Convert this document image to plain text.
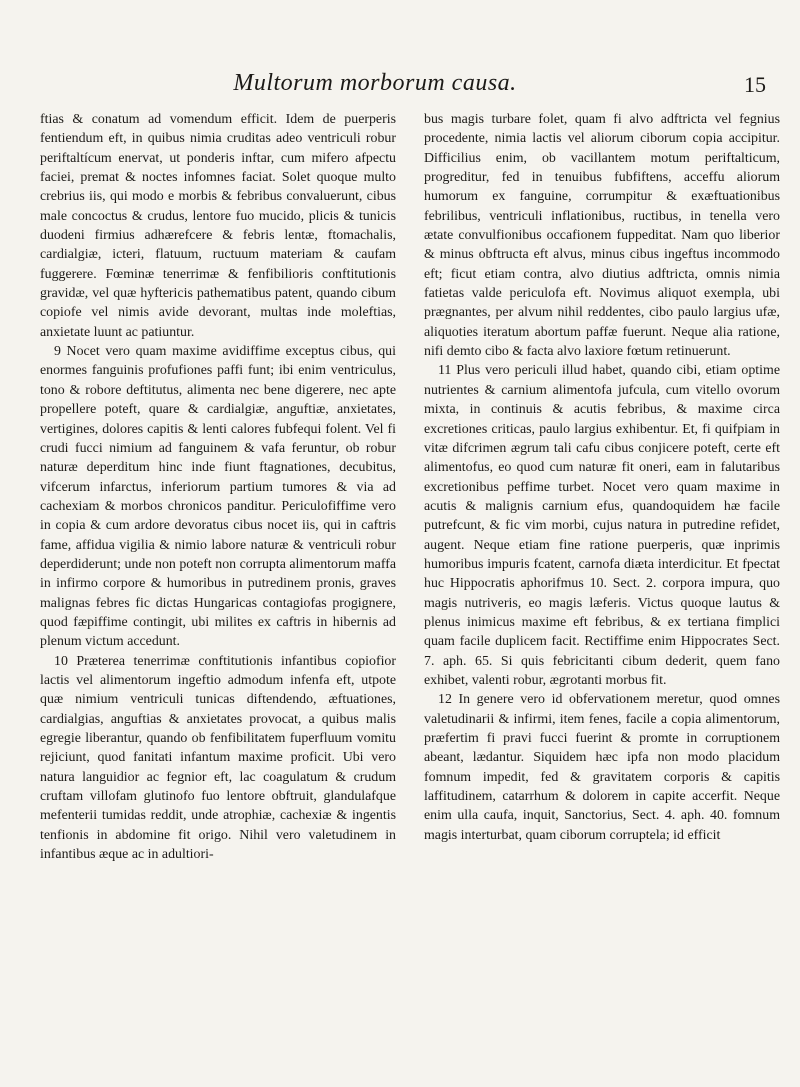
Multorum morborum causa.	15

ftias & conatum ad vomendum efficit. Idem de puerperis fentiendum eft, in quibus nimia cruditas adeo ventriculi robur periftaltícum enervat, ut ponderis inftar, cum mifero afpectu faciei, premat & noctes infomnes faciat. Solet quoque multo crebrius iis, qui modo e morbis & febribus convaluerunt, cibus male concoctus & crudus, lentore fuo mucido, plicis & tunicis duodeni firmius adhærefcere & febris lentæ, ftomachalis, cardialgiæ, icteri, flatuum, ructuum materiam & caufam fuggerere. Fœminæ tenerrimæ & fenfibilioris conftitutionis gravidæ, vel quæ hyftericis pathematibus patent, quando cibum copiofe vel nimis avide devorant, multas inde moleftias, anxietate luunt ac patiuntur.

9 Nocet vero quam maxime avidiffime exceptus cibus, qui enormes fanguinis profufiones paffi funt; ibi enim ventriculus, tono & robore deftitutus, alimenta nec bene digerere, nec apte propellere poteft, quare & cardialgiæ, anguftiæ, anxietates, vertigines, dolores capitis & lenti calores fubfequi folent. Vel fi crudi fucci nimium ad fanguinem & vafa feruntur, ob robur naturæ deperditum hinc inde fiunt ftagnationes, decubitus, vifcerum infarctus, inferiorum partium tumores & via ad cachexiam & morbos chronicos panditur. Periculofiffime vero in copia & cum ardore devoratus cibus nocet iis, qui in caftris fame, affidua vigilia & nimio labore naturæ & ventriculi robur deperdiderunt; unde non poteft non corrupta alimentorum maffa in infirmo corpore & humoribus in putredinem pronis, graves malignas febres fic dictas Hungaricas contagiofas progignere, quod fæpiffime contingit, ubi milites ex caftris in hibernis ad plenum victum accedunt.

10 Præterea tenerrimæ conftitutionis infantibus copiofior lactis vel alimentorum ingeftio admodum infenfa eft, utpote quæ nimium ventriculi tunicas diftendendo, æftuationes, cardialgias, anguftias & anxietates provocat, a quibus malis egregie liberantur, quando ob fenfibilitatem fuperfluum vomitu rejiciunt, quod fanitati infantum maxime proficit. Ubi vero natura languidior ac fegnior eft, lac coagulatum & crudum cruftam villofam glutinofo fuo lentore obftruit, glandulafque mefenterii tumidas reddit, unde atrophiæ, cachexiæ & ingentis tenfionis in abdomine fit origo. Nihil vero valetudinem in infantibus æque ac in adultiori-

bus magis turbare folet, quam fi alvo adftricta vel fegnius procedente, nimia lactis vel aliorum ciborum copia accipitur. Difficilius enim, ob vacillantem motum periftalticum, progreditur, fed in tenuibus fubfiftens, acceffu aliorum humorum ex fanguine, corrumpitur & exæftuationibus febrilibus, ventriculi inflationibus, ructibus, in tenella vero ætate convulfionibus occafionem fuppeditat. Nam quo liberior & minus obftructa eft alvus, minus cibus ingeftus incommodo eft; ficut etiam contra, alvo diutius adftricta, omnis nimia fatietas valde periculofa eft. Novimus aliquot exempla, ubi prægnantes, per alvum nihil reddentes, cibo paulo largius ufæ, aliquoties iteratum abortum paffæ fuerunt. Neque alia ratione, nifi demto cibo & facta alvo laxiore fœtum retinuerunt.

11 Plus vero periculi illud habet, quando cibi, etiam optime nutrientes & carnium alimentofa jufcula, cum vitello ovorum mixta, in continuis & acutis febribus, & maxime circa excretiones criticas, paulo largius exhibentur. Et, fi quifpiam in vitæ difcrimen ægrum tali cafu cibus conjicere poteft, certe eft alimentofus, eo quod cum naturæ fit oneri, eam in falutaribus excretionibus peffime turbet. Nocet vero quam maxime in acutis & malignis carnium efus, quandoquidem hæ facile putrefcunt, & fic vim morbi, cujus natura in putredine refidet, augent. Neque etiam fine ratione puerperis, quæ inprimis humoribus impuris fcatent, carnofa diæta interdicitur. Et fpectat huc Hippocratis aphorifmus 10. Sect. 2. corpora impura, quo magis nutriveris, eo magis læferis. Victus quoque lautus & plenus inimicus maxime eft febribus, & ex tertiana fimplici quam facile duplicem facit. Rectiffime enim Hippocrates Sect. 7. aph. 65. Si quis febricitanti cibum dederit, quem fano exhibet, valenti robur, ægrotanti morbus fit.

12 In genere vero id obfervationem meretur, quod omnes valetudinarii & infirmi, item fenes, facile a copia alimentorum, præfertim fi pravi fucci fuerint & promte in corruptionem abeant, lædantur. Siquidem hæc ipfa non modo placidum fomnum impedit, fed & gravitatem corporis & capitis laffitudinem, catarrhum & dolorem in capite accerfit. Neque enim ulla caufa, inquit, Sanctorius, Sect. 4. aph. 40. fomnum magis interturbat, quam ciborum corruptela; id efficit
